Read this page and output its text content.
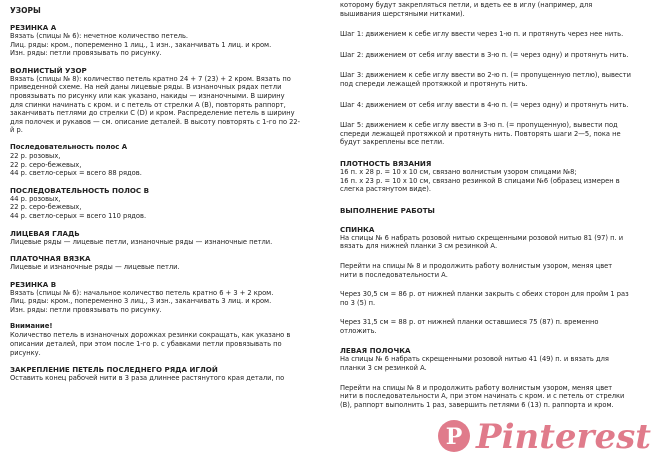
УЗОРЫ
РЕЗИНКА А
Вязать (спицы № 6): нечетное количество петель.
Лиц. ряды: кром., попеременно 1 лиц., 1 изн., заканчивать 1 лиц. и кром.
Изн. ряды: петли провязывать по рисунку.
ВОЛНИСТЫЙ УЗОР
Вязать (спицы № 8): количество петель кратно 24 + 7 (23) + 2 кром. Вязать по
приведенной схеме. На ней даны лицевые ряды. В изнаночных рядах петли
провязывать по рисунку или как указано, накиды — изнаночными. В ширину
для спинки начинать с кром. и с петель от стрелки А (В), повторять раппорт,
заканчивать петлями до стрелки С (D) и кром. Распределение петель в ширину
для полочек и рукавов — см. описание деталей. В высоту повторять с 1-го по 22-
й р.
Последовательность полос А
22 р. розовых,
22 р. серо-бежевых,
44 р. светло-серых = всего 88 рядов.
ПОСЛЕДОВАТЕЛЬНОСТЬ ПОЛОС В
44 р. розовых,
22 р. серо-бежевых,
44 р. светло-серых = всего 110 рядов.
ЛИЦЕВАЯ ГЛАДЬ
Лицевые ряды — лицевые петли, изнаночные ряды — изнаночные петли.
ПЛАТОЧНАЯ ВЯЗКА
Лицевые и изнаночные ряды — лицевые петли.
РЕЗИНКА В
Вязать (спицы № 6): начальное количество петель кратно 6 + 3 + 2 кром.
Лиц. ряды: кром., попеременно 3 лиц., 3 изн., заканчивать 3 лиц. и кром.
Изн. ряды: петли провязывать по рисунку.
Внимание!
Количество петель в изнаночных дорожках резинки сокращать, как указано в
описании деталей, при этом после 1-го р. с убавками петли провязывать по
рисунку.
ЗАКРЕПЛЕНИЕ ПЕТЕЛЬ ПОСЛЕДНЕГО РЯДА ИГЛОЙ
Оставить конец рабочей нити в 3 раза длиннее растянутого края детали, по
которому будут закрепляться петли, и вдеть ее в иглу (например, для
вышивания шерстяными нитками).
Шаг 1: движением к себе иглу ввести через 1-ю п. и протянуть через нее нить.
Шаг 2: движением от себя иглу ввести в 3-ю п. (= через одну) и протянуть нить.
Шаг 3: движением к себе иглу ввести во 2-ю п. (= пропущенную петлю), вывести
под спереди лежащей протяжкой и протянуть нить.
Шаг 4: движением от себя иглу ввести в 4-ю п. (= через одну) и протянуть нить.
Шаг 5: движением к себе иглу ввести в 3-ю п. (= пропущенную), вывести под
спереди лежащей протяжкой и протянуть нить. Повторять шаги 2—5, пока не
будут закреплены все петли.
ПЛОТНОСТЬ ВЯЗАНИЯ
16 п. х 28 р. = 10 х 10 см, связано волнистым узором спицами №8;
16 п. х 23 р. = 10 х 10 см, связано резинкой В спицами №6 (образец измерен в
слегка растянутом виде).
ВЫПОЛНЕНИЕ РАБОТЫ
СПИНКА
На спицы № 6 набрать розовой нитью скрещенными розовой нитью 81 (97) п. и
вязать для нижней планки 3 см резинкой А.
Перейти на спицы № 8 и продолжить работу волнистым узором, меняя цвет
нити в последовательности А.
Через 30,5 см = 86 р. от нижней планки закрыть с обеих сторон для пройм 1 раз
по 3 (5) п.
Через 31,5 см = 88 р. от нижней планки оставшиеся 75 (87) п. временно
отложить.
ЛЕВАЯ ПОЛОЧКА
На спицы № 6 набрать скрещенными розовой нитью 41 (49) п. и вязать для
планки 3 см резинкой А.
Перейти на спицы № 8 и продолжить работу волнистым узором, меняя цвет
нити в последовательности А, при этом начинать с кром. и с петель от стрелки
(В), раппорт выполнить 1 раз, завершить петлями 6 (13) п. раппорта и кром.
P Pinterest
